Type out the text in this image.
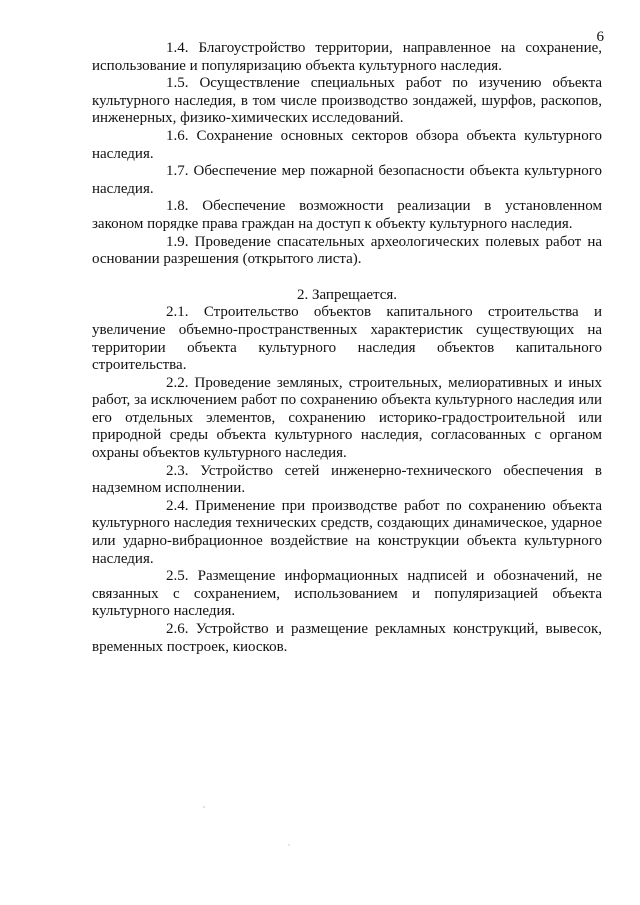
6

1.4. Благоустройство территории, направленное на сохранение, использование и популяризацию объекта культурного наследия.

1.5. Осуществление специальных работ по изучению объекта культурного наследия, в том числе производство зондажей, шурфов, раскопов, инженерных, физико-химических исследований.

1.6. Сохранение основных секторов обзора объекта культурного наследия.

1.7. Обеспечение мер пожарной безопасности объекта культурного наследия.

1.8. Обеспечение возможности реализации в установленном законом порядке права граждан на доступ к объекту культурного наследия.

1.9. Проведение спасательных археологических полевых работ на основании разрешения (открытого листа).

2. Запрещается.

2.1. Строительство объектов капитального строительства и увеличение объемно-пространственных характеристик существующих на территории объекта культурного наследия объектов капитального строительства.

2.2. Проведение земляных, строительных, мелиоративных и иных работ, за исключением работ по сохранению объекта культурного наследия или его отдельных элементов, сохранению историко-градостроительной или природной среды объекта культурного наследия, согласованных с органом охраны объектов культурного наследия.

2.3. Устройство сетей инженерно-технического обеспечения в надземном исполнении.

2.4. Применение при производстве работ по сохранению объекта культурного наследия технических средств, создающих динамическое, ударное или ударно-вибрационное воздействие на конструкции объекта культурного наследия.

2.5. Размещение информационных надписей и обозначений, не связанных с сохранением, использованием и популяризацией объекта культурного наследия.

2.6. Устройство и размещение рекламных конструкций, вывесок, временных построек, киосков.
